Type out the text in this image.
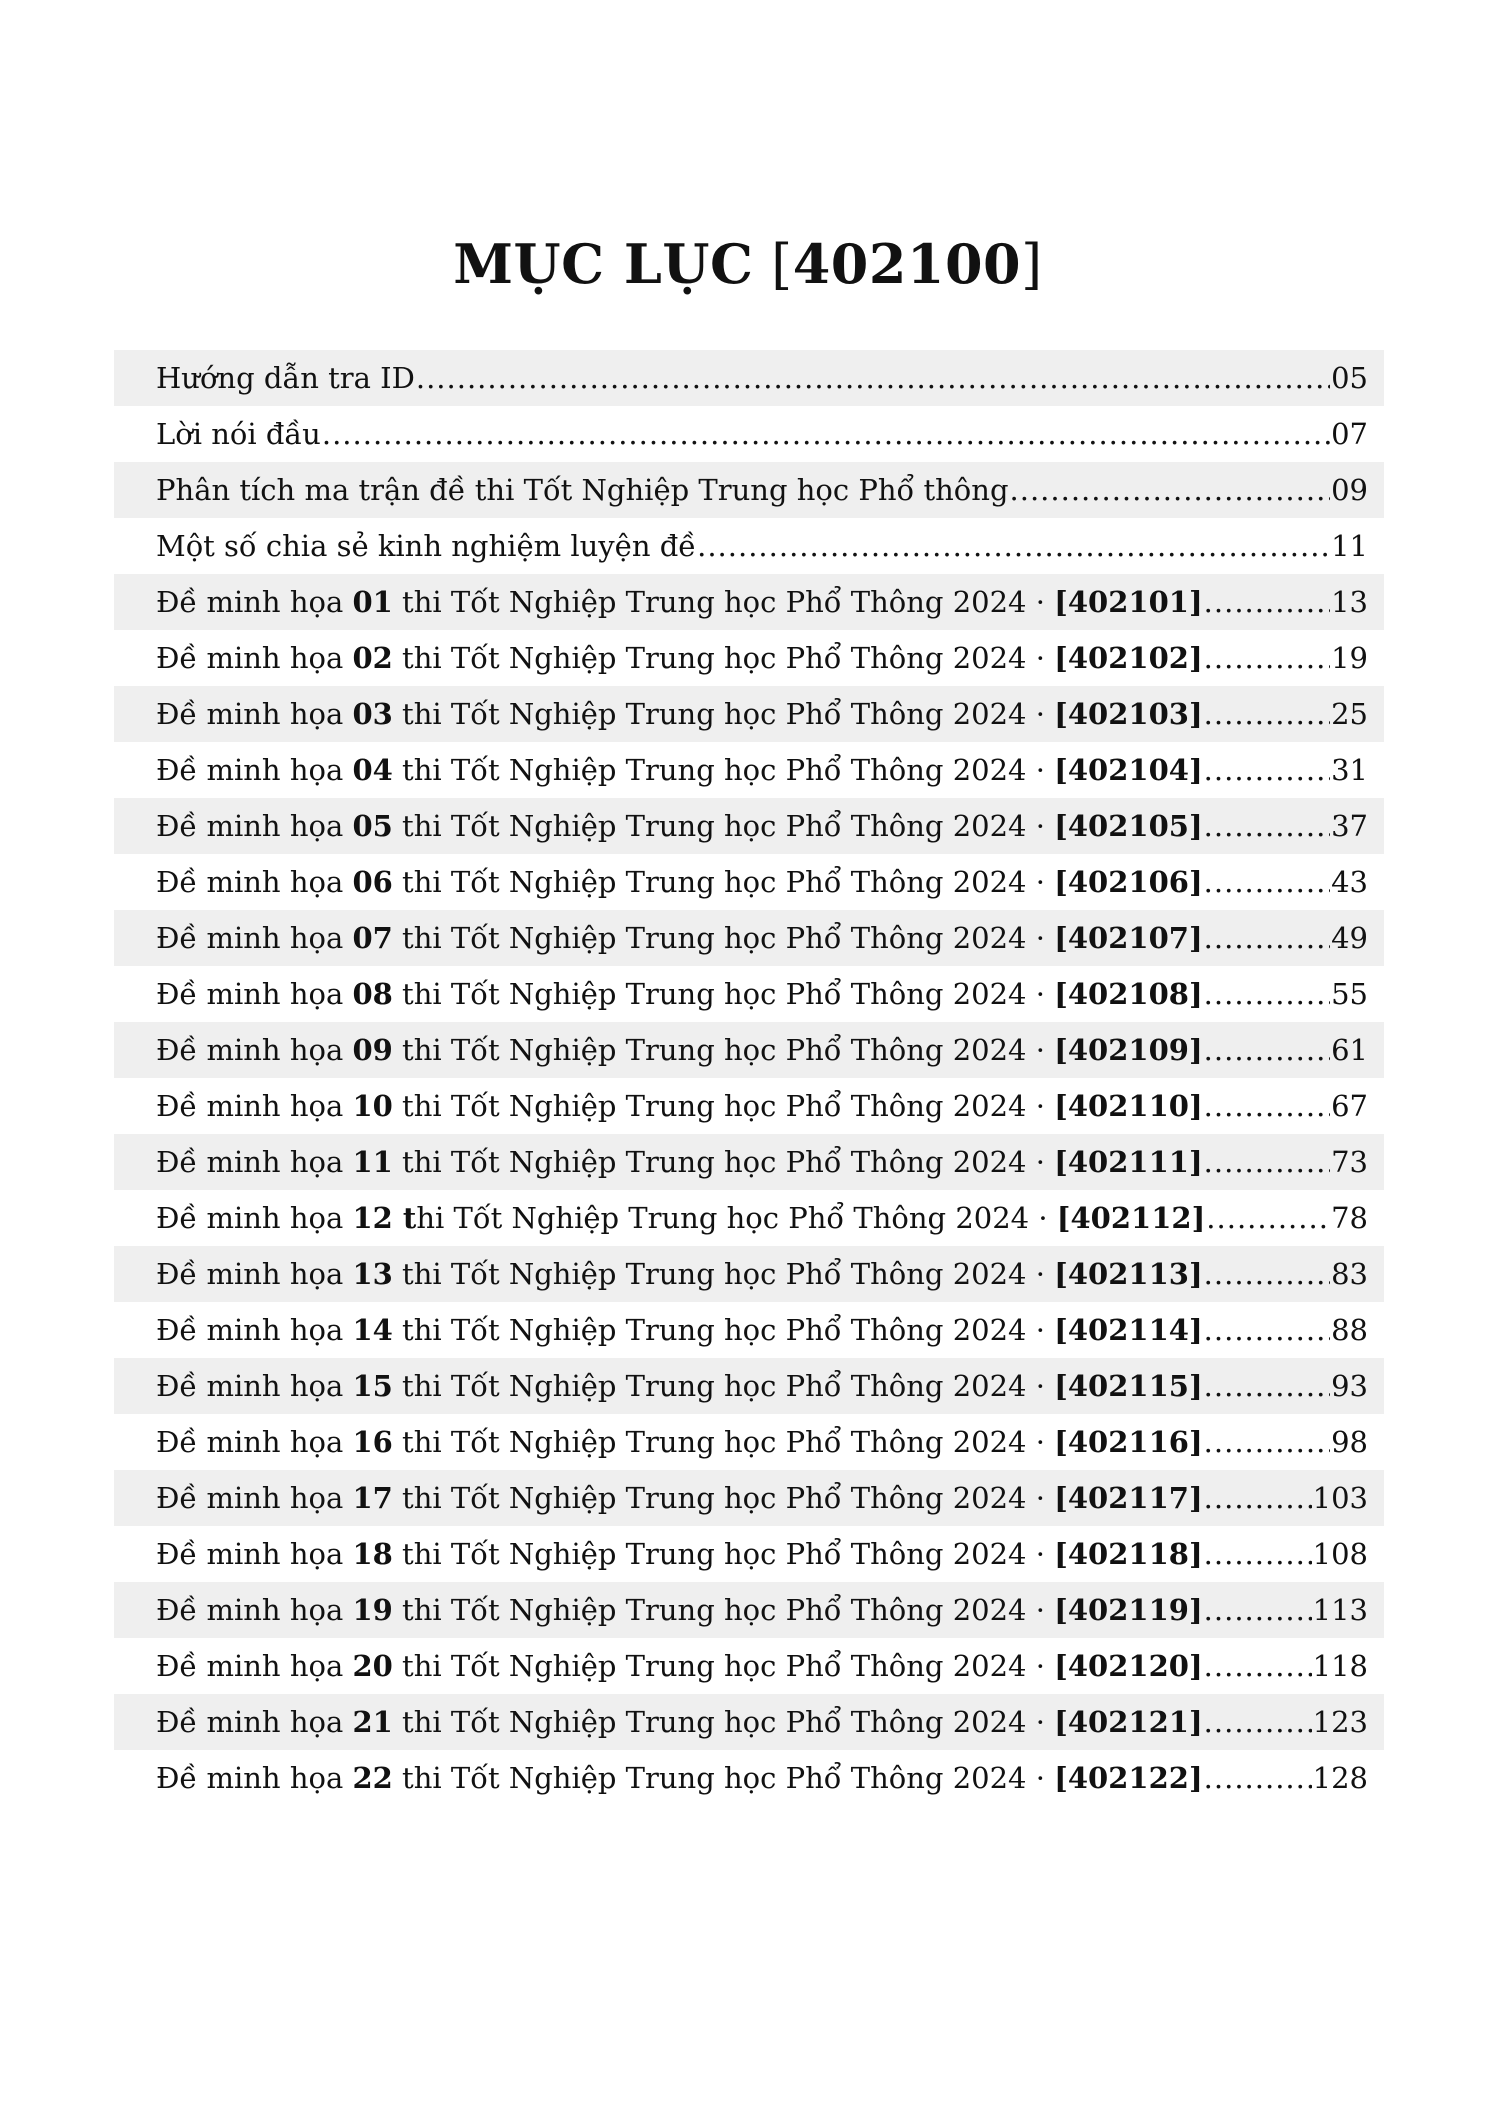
MỤC LỤC [402100]
Hướng dẫn tra ID .....	05
Lời nói đầu .....	07
Phân tích ma trận đề thi Tốt Nghiệp Trung học Phổ thông .....	09
Một số chia sẻ kinh nghiệm luyện đề .....	11
Đề minh họa 01 thi Tốt Nghiệp Trung học Phổ Thông 2024 · [402101] .....	13
Đề minh họa 02 thi Tốt Nghiệp Trung học Phổ Thông 2024 · [402102] .....	19
Đề minh họa 03 thi Tốt Nghiệp Trung học Phổ Thông 2024 · [402103] .....	25
Đề minh họa 04 thi Tốt Nghiệp Trung học Phổ Thông 2024 · [402104] .....	31
Đề minh họa 05 thi Tốt Nghiệp Trung học Phổ Thông 2024 · [402105] .....	37
Đề minh họa 06 thi Tốt Nghiệp Trung học Phổ Thông 2024 · [402106] .....	43
Đề minh họa 07 thi Tốt Nghiệp Trung học Phổ Thông 2024 · [402107] .....	49
Đề minh họa 08 thi Tốt Nghiệp Trung học Phổ Thông 2024 · [402108] .....	55
Đề minh họa 09 thi Tốt Nghiệp Trung học Phổ Thông 2024 · [402109] .....	61
Đề minh họa 10 thi Tốt Nghiệp Trung học Phổ Thông 2024 · [402110] .....	67
Đề minh họa 11 thi Tốt Nghiệp Trung học Phổ Thông 2024 · [402111] .....	73
Đề minh họa 12 thi Tốt Nghiệp Trung học Phổ Thông 2024 · [402112] .....	78
Đề minh họa 13 thi Tốt Nghiệp Trung học Phổ Thông 2024 · [402113] .....	83
Đề minh họa 14 thi Tốt Nghiệp Trung học Phổ Thông 2024 · [402114] .....	88
Đề minh họa 15 thi Tốt Nghiệp Trung học Phổ Thông 2024 · [402115] .....	93
Đề minh họa 16 thi Tốt Nghiệp Trung học Phổ Thông 2024 · [402116] .....	98
Đề minh họa 17 thi Tốt Nghiệp Trung học Phổ Thông 2024 · [402117] .....	103
Đề minh họa 18 thi Tốt Nghiệp Trung học Phổ Thông 2024 · [402118] .....	108
Đề minh họa 19 thi Tốt Nghiệp Trung học Phổ Thông 2024 · [402119] .....	113
Đề minh họa 20 thi Tốt Nghiệp Trung học Phổ Thông 2024 · [402120] .....	118
Đề minh họa 21 thi Tốt Nghiệp Trung học Phổ Thông 2024 · [402121] .....	123
Đề minh họa 22 thi Tốt Nghiệp Trung học Phổ Thông 2024 · [402122] .....	128
